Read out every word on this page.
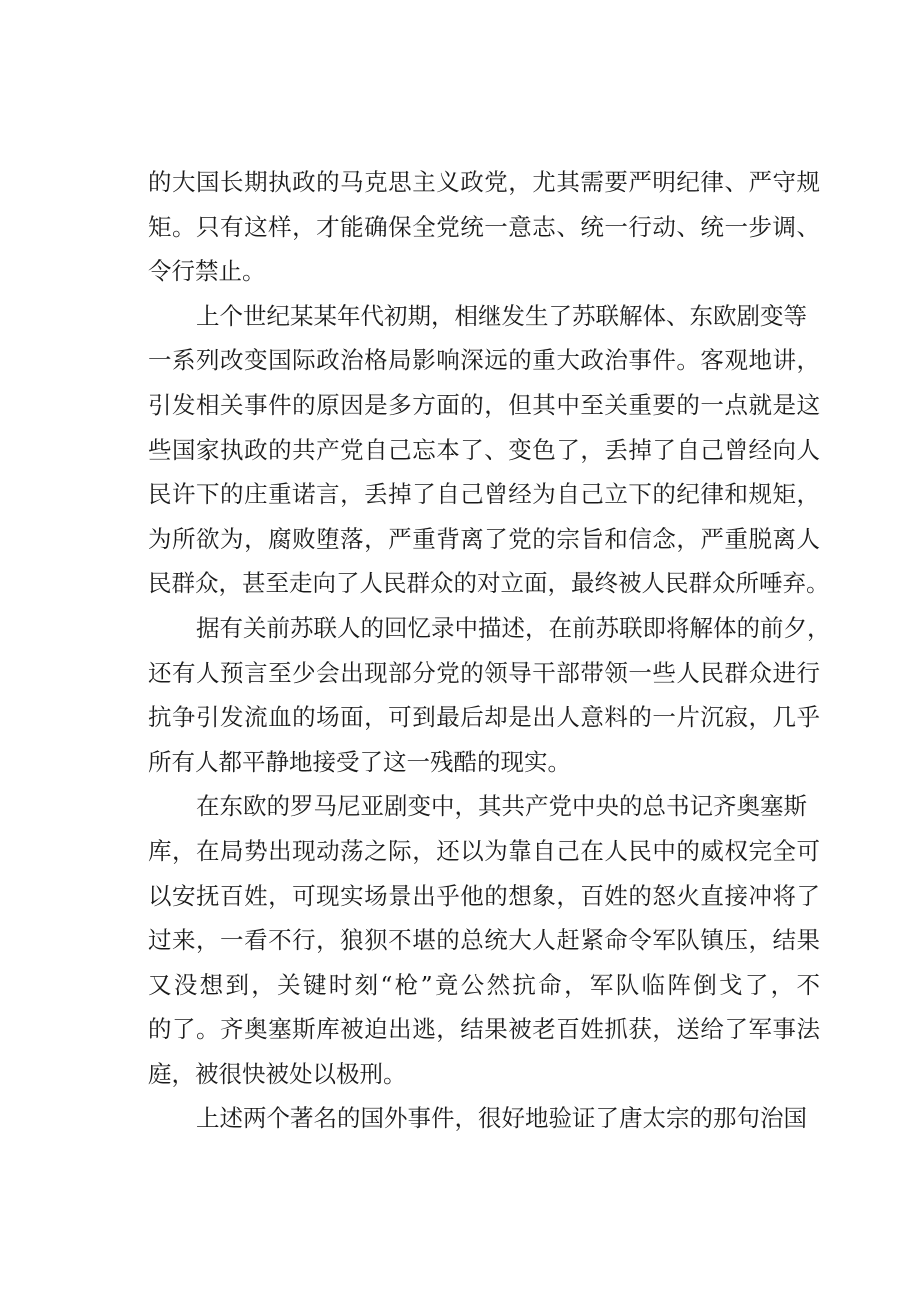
的大国长期执政的马克思主义政党，尤其需要严明纪律、严守规
矩。只有这样，才能确保全党统一意志、统一行动、统一步调、
令行禁止。
上个世纪某某年代初期，相继发生了苏联解体、东欧剧变等
一系列改变国际政治格局影响深远的重大政治事件。客观地讲，
引发相关事件的原因是多方面的，但其中至关重要的一点就是这
些国家执政的共产党自己忘本了、变色了，丢掉了自己曾经向人
民许下的庄重诺言，丢掉了自己曾经为自己立下的纪律和规矩，
为所欲为，腐败堕落，严重背离了党的宗旨和信念，严重脱离人
民群众，甚至走向了人民群众的对立面，最终被人民群众所唾弃。
据有关前苏联人的回忆录中描述，在前苏联即将解体的前夕，
还有人预言至少会出现部分党的领导干部带领一些人民群众进行
抗争引发流血的场面，可到最后却是出人意料的一片沉寂，几乎
所有人都平静地接受了这一残酷的现实。
在东欧的罗马尼亚剧变中，其共产党中央的总书记齐奥塞斯
库，在局势出现动荡之际，还以为靠自己在人民中的威权完全可
以安抚百姓，可现实场景出乎他的想象，百姓的怒火直接冲将了
过来，一看不行，狼狈不堪的总统大人赶紧命令军队镇压，结果
又没想到，关键时刻“枪”竟公然抗命，军队临阵倒戈了，不
的了。齐奥塞斯库被迫出逃，结果被老百姓抓获，送给了军事法
庭，被很快被处以极刑。
上述两个著名的国外事件，很好地验证了唐太宗的那句治国
